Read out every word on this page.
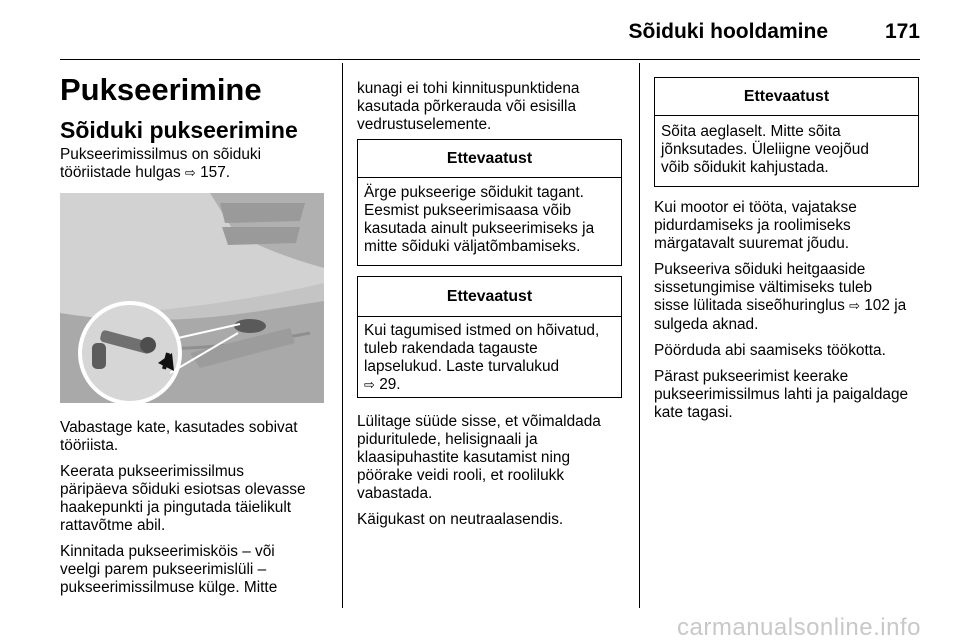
Sõiduki hooldamine	171
Pukseerimine
Sõiduki pukseerimine
Pukseerimissilmus on sõiduki
tööriistade hulgas ⇨ 157.
Vabastage kate, kasutades sobivat
tööriista.
Keerata pukseerimissilmus
päripäeva sõiduki esiotsas olevasse
haakepunkti ja pingutada täielikult
rattavõtme abil.
Kinnitada pukseerimisköis – või
veelgi parem pukseerimislüli –
pukseerimissilmuse külge. Mitte
kunagi ei tohi kinnituspunktidena
kasutada põrkerauda või esisilla
vedrustuselemente.
Ettevaatust
Ärge pukseerige sõidukit tagant.
Eesmist pukseerimisaasa võib
kasutada ainult pukseerimiseks ja
mitte sõiduki väljatõmbamiseks.
Ettevaatust
Kui tagumised istmed on hõivatud,
tuleb rakendada tagauste
lapselukud. Laste turvalukud
⇨ 29.
Lülitage süüde sisse, et võimaldada
piduritulede, helisignaali ja
klaasipuhastite kasutamist ning
pöörake veidi rooli, et roolilukk
vabastada.
Käigukast on neutraalasendis.
Ettevaatust
Sõita aeglaselt. Mitte sõita
jõnksutades. Üleliigne veojõud
võib sõidukit kahjustada.
Kui mootor ei tööta, vajatakse
pidurdamiseks ja roolimiseks
märgatavalt suuremat jõudu.
Pukseeriva sõiduki heitgaaside
sissetungimise vältimiseks tuleb
sisse lülitada siseõhuringlus ⇨ 102 ja
sulgeda aknad.
Pöörduda abi saamiseks töökotta.
Pärast pukseerimist keerake
pukseerimissilmus lahti ja paigaldage
kate tagasi.
carmanualsonline.info
